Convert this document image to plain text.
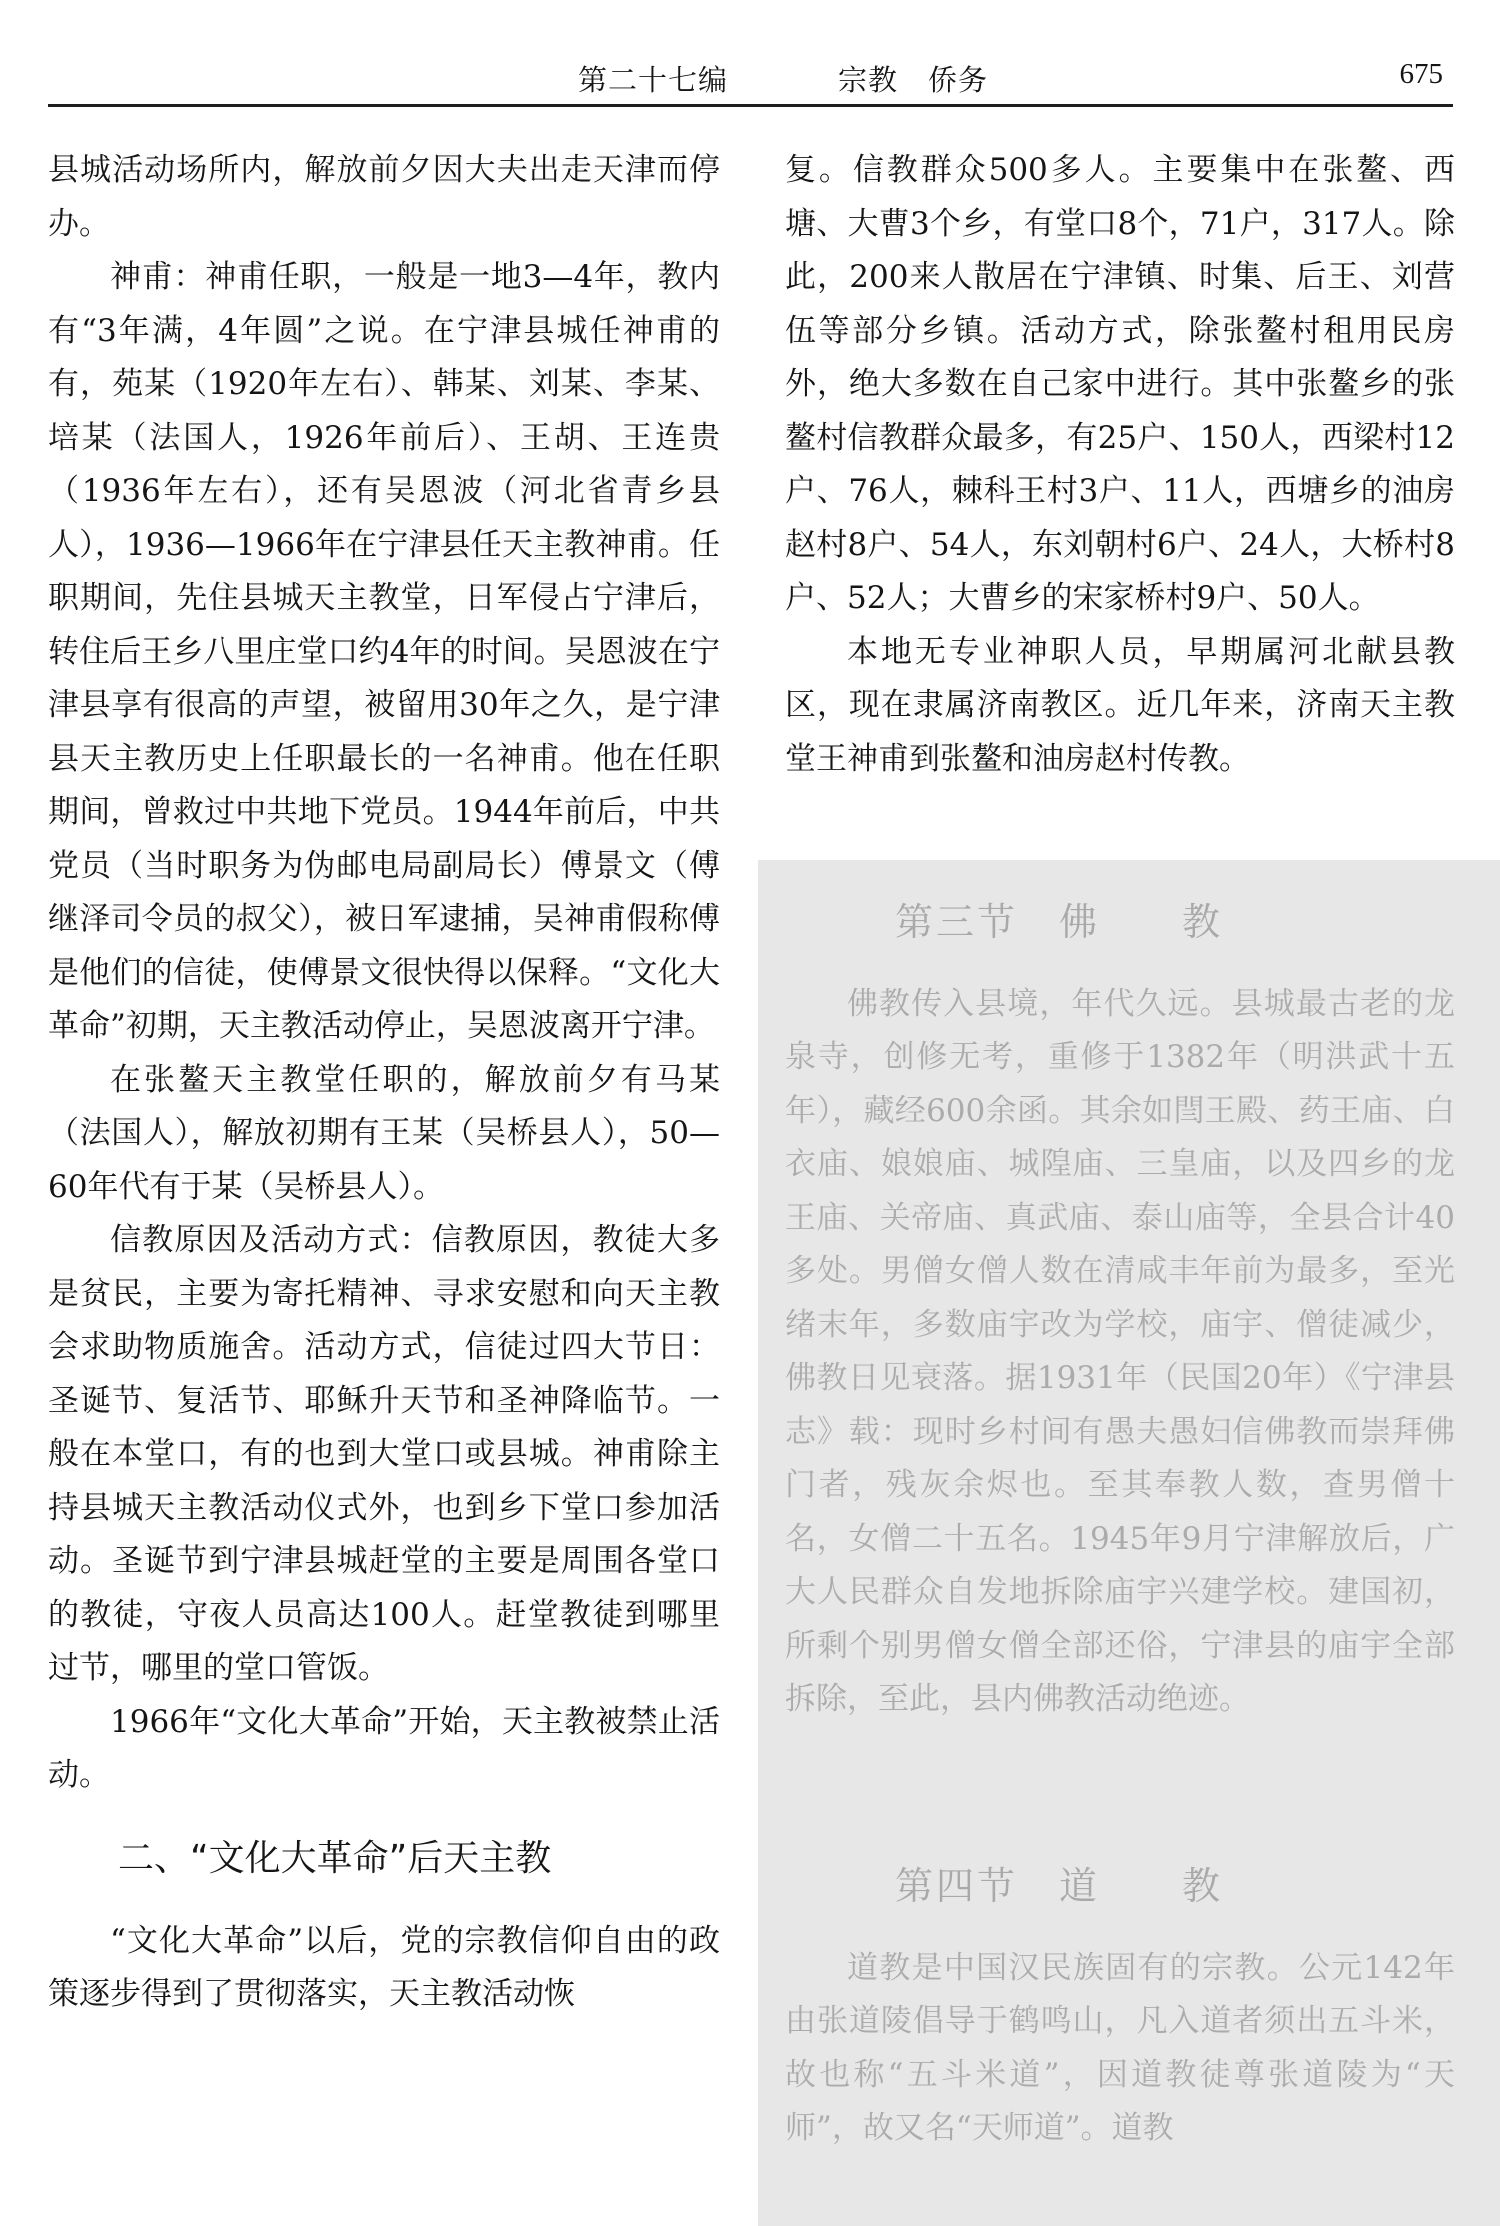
第二十七编	宗教　侨务	675

县城活动场所内，解放前夕因大夫出走天津而停办。

神甫：神甫任职，一般是一地3—4年，教内有“3年满，4年圆”之说。在宁津县城任神甫的有，苑某（1920年左右）、韩某、刘某、李某、培某（法国人，1926年前后）、王胡、王连贵（1936年左右），还有吴恩波（河北省青乡县人），1936—1966年在宁津县任天主教神甫。任职期间，先住县城天主教堂，日军侵占宁津后，转住后王乡八里庄堂口约4年的时间。吴恩波在宁津县享有很高的声望，被留用30年之久，是宁津县天主教历史上任职最长的一名神甫。他在任职期间，曾救过中共地下党员。1944年前后，中共党员（当时职务为伪邮电局副局长）傅景文（傅继泽司令员的叔父），被日军逮捕，吴神甫假称傅是他们的信徒，使傅景文很快得以保释。“文化大革命”初期，天主教活动停止，吴恩波离开宁津。

在张鳌天主教堂任职的，解放前夕有马某（法国人），解放初期有王某（吴桥县人），50—60年代有于某（吴桥县人）。

信教原因及活动方式：信教原因，教徒大多是贫民，主要为寄托精神、寻求安慰和向天主教会求助物质施舍。活动方式，信徒过四大节日：圣诞节、复活节、耶稣升天节和圣神降临节。一般在本堂口，有的也到大堂口或县城。神甫除主持县城天主教活动仪式外，也到乡下堂口参加活动。圣诞节到宁津县城赶堂的主要是周围各堂口的教徒，守夜人员高达100人。赶堂教徒到哪里过节，哪里的堂口管饭。

1966年“文化大革命”开始，天主教被禁止活动。

二、“文化大革命”后天主教

“文化大革命”以后，党的宗教信仰自由的政策逐步得到了贯彻落实，天主教活动恢

复。信教群众500多人。主要集中在张鳌、西塘、大曹3个乡，有堂口8个，71户，317人。除此，200来人散居在宁津镇、时集、后王、刘营伍等部分乡镇。活动方式，除张鳌村租用民房外，绝大多数在自己家中进行。其中张鳌乡的张鳌村信教群众最多，有25户、150人，西梁村12户、76人，棘科王村3户、11人，西塘乡的油房赵村8户、54人，东刘朝村6户、24人，大桥村8户、52人；大曹乡的宋家桥村9户、50人。

本地无专业神职人员，早期属河北献县教区，现在隶属济南教区。近几年来，济南天主教堂王神甫到张鳌和油房赵村传教。

第三节　佛　　教

佛教传入县境，年代久远。县城最古老的龙泉寺，创修无考，重修于1382年（明洪武十五年），藏经600余函。其余如閆王殿、药王庙、白衣庙、娘娘庙、城隍庙、三皇庙，以及四乡的龙王庙、关帝庙、真武庙、泰山庙等，全县合计40多处。男僧女僧人数在清咸丰年前为最多，至光绪末年，多数庙宇改为学校，庙宇、僧徒减少，佛教日见衰落。据1931年（民国20年）《宁津县志》载：现时乡村间有愚夫愚妇信佛教而崇拜佛门者，残灰余烬也。至其奉教人数，查男僧十名，女僧二十五名。1945年9月宁津解放后，广大人民群众自发地拆除庙宇兴建学校。建国初，所剩个别男僧女僧全部还俗，宁津县的庙宇全部拆除，至此，县内佛教活动绝迹。

第四节　道　　教

道教是中国汉民族固有的宗教。公元142年由张道陵倡导于鹤鸣山，凡入道者须出五斗米，故也称“五斗米道”，因道教徒尊张道陵为“天师”，故又名“天师道”。道教
